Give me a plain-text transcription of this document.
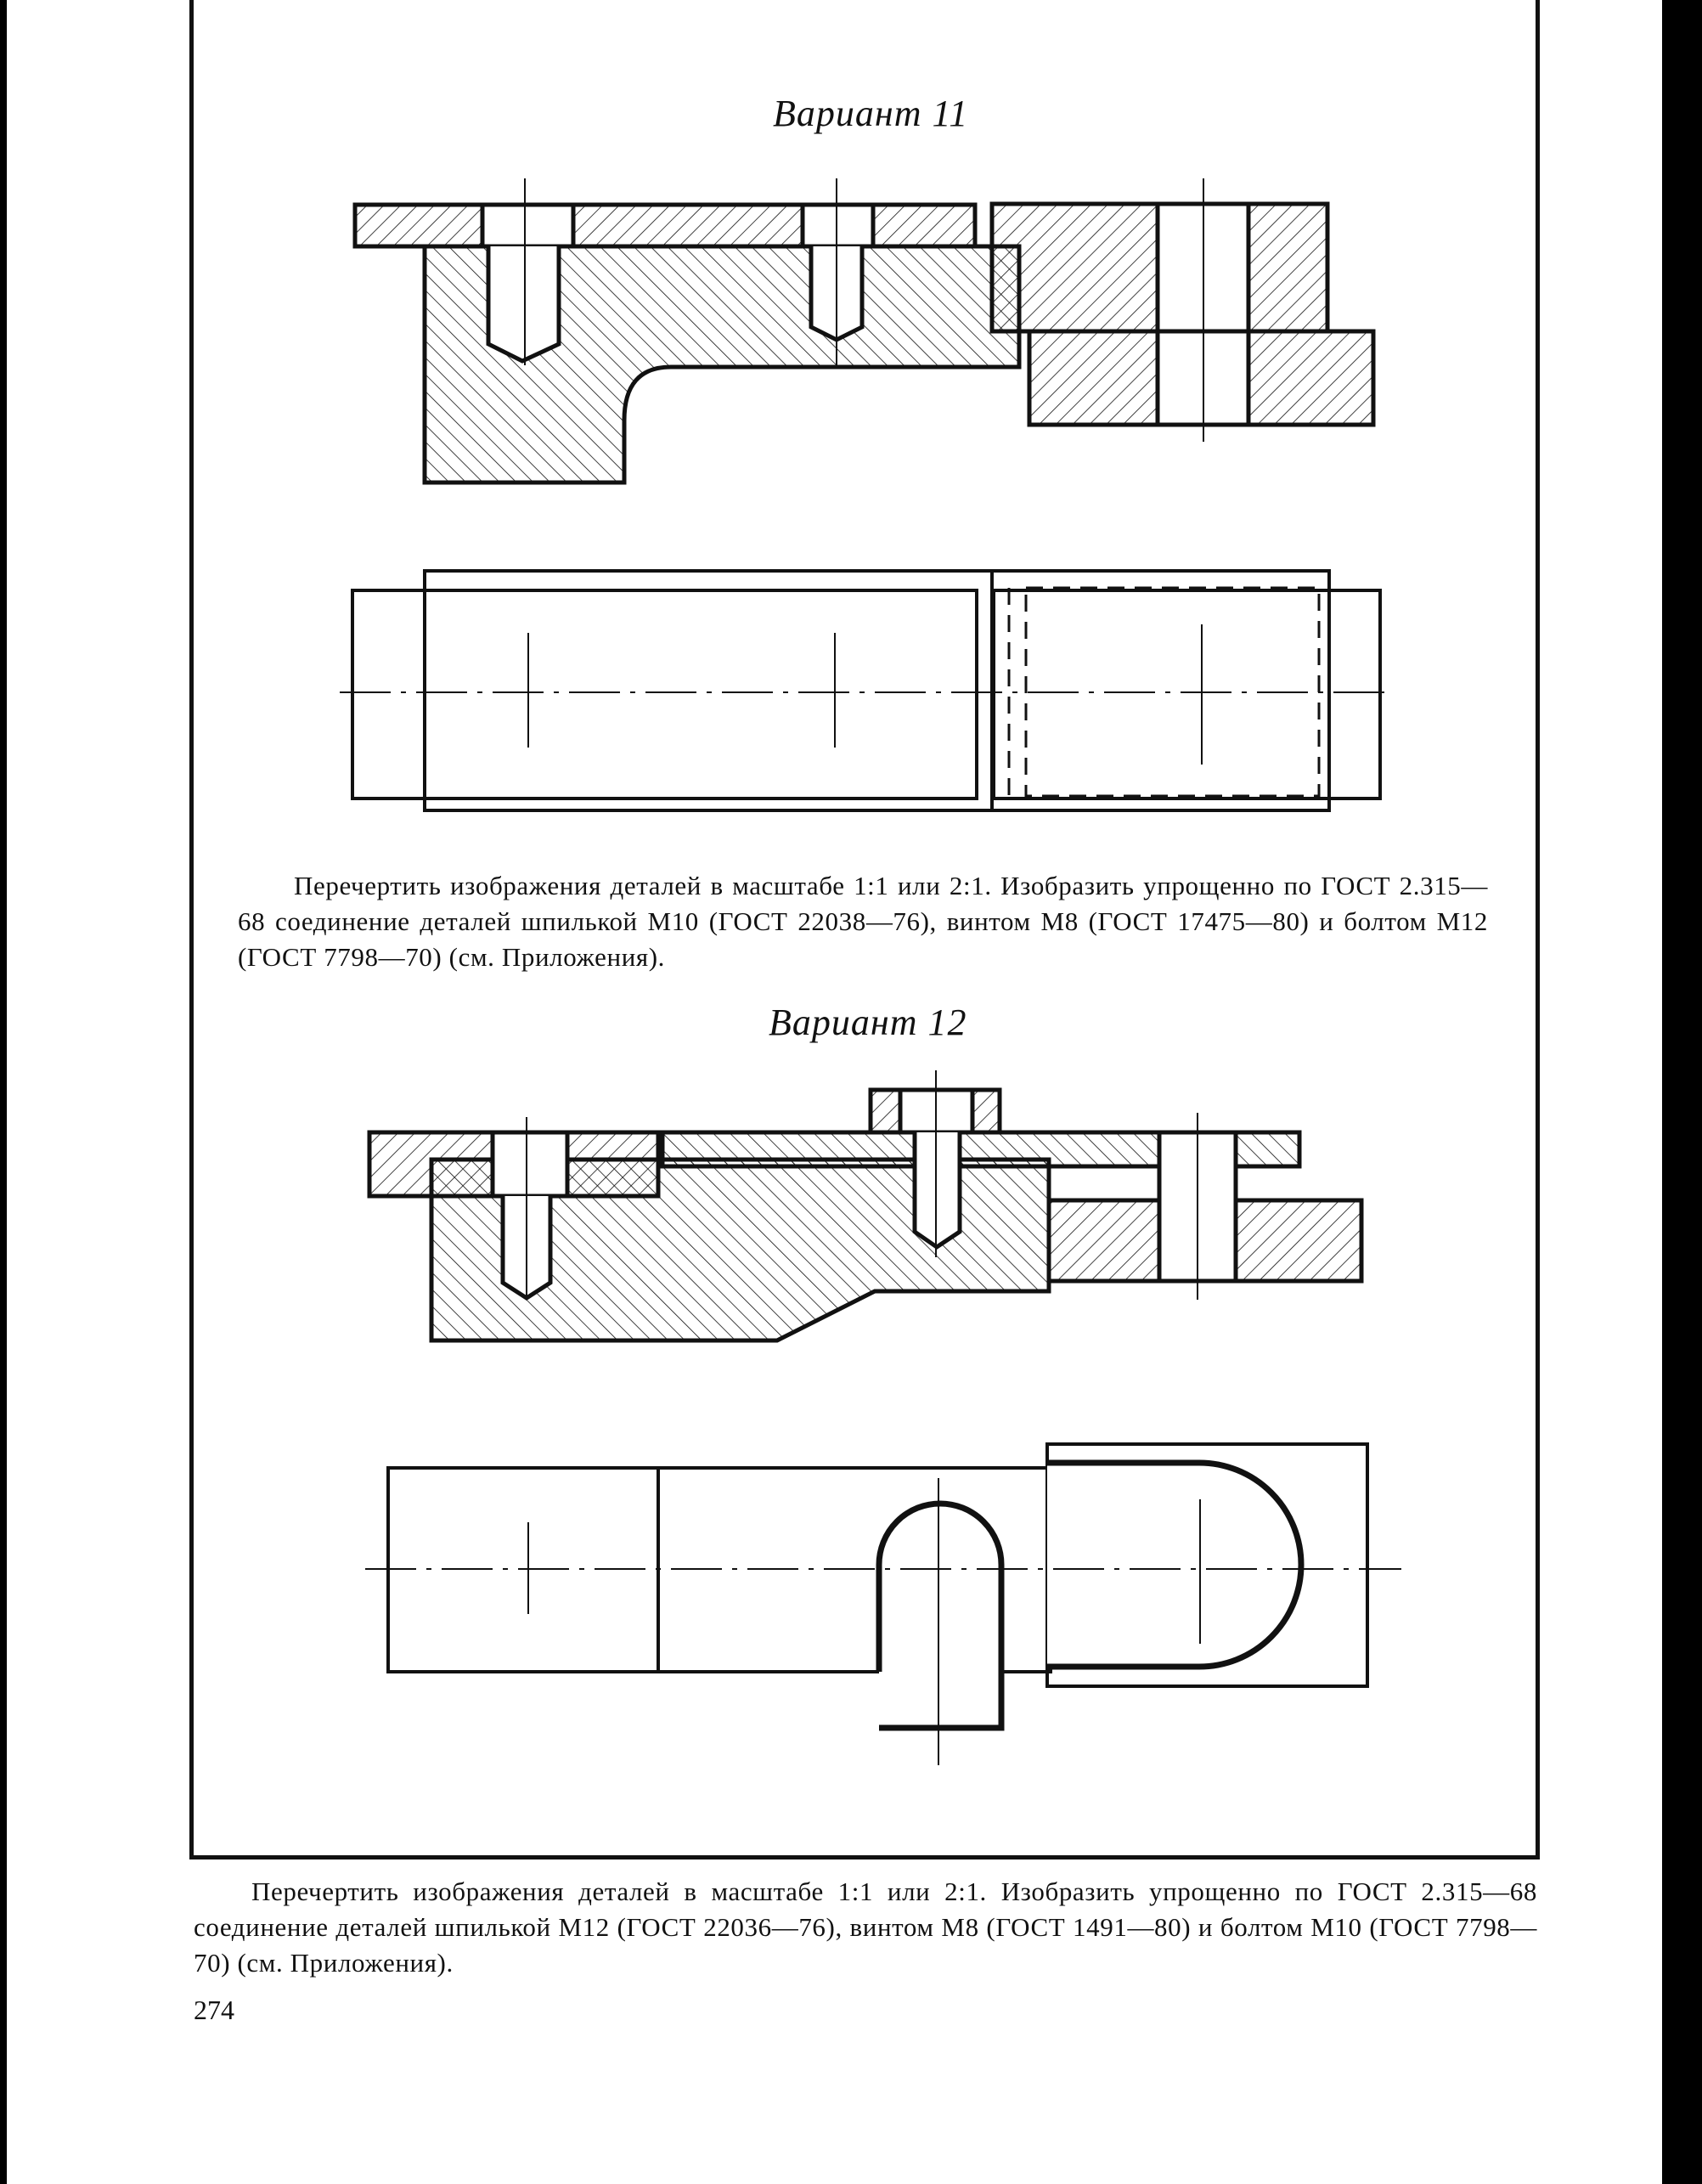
Вариант 11
Перечертить изображения деталей в масштабе 1:1 или 2:1. Изобразить упрощенно по ГОСТ 2.315—68 соединение деталей шпилькой М10 (ГОСТ 22038—76), винтом М8 (ГОСТ 17475—80) и болтом М12 (ГОСТ 7798—70) (см. Приложения).
Вариант 12
Перечертить изображения деталей в масштабе 1:1 или 2:1. Изобразить упрощенно по ГОСТ 2.315—68 соединение деталей шпилькой М12 (ГОСТ 22036—76), винтом М8 (ГОСТ 1491—80) и болтом М10 (ГОСТ 7798—70) (см. Приложения).
274
